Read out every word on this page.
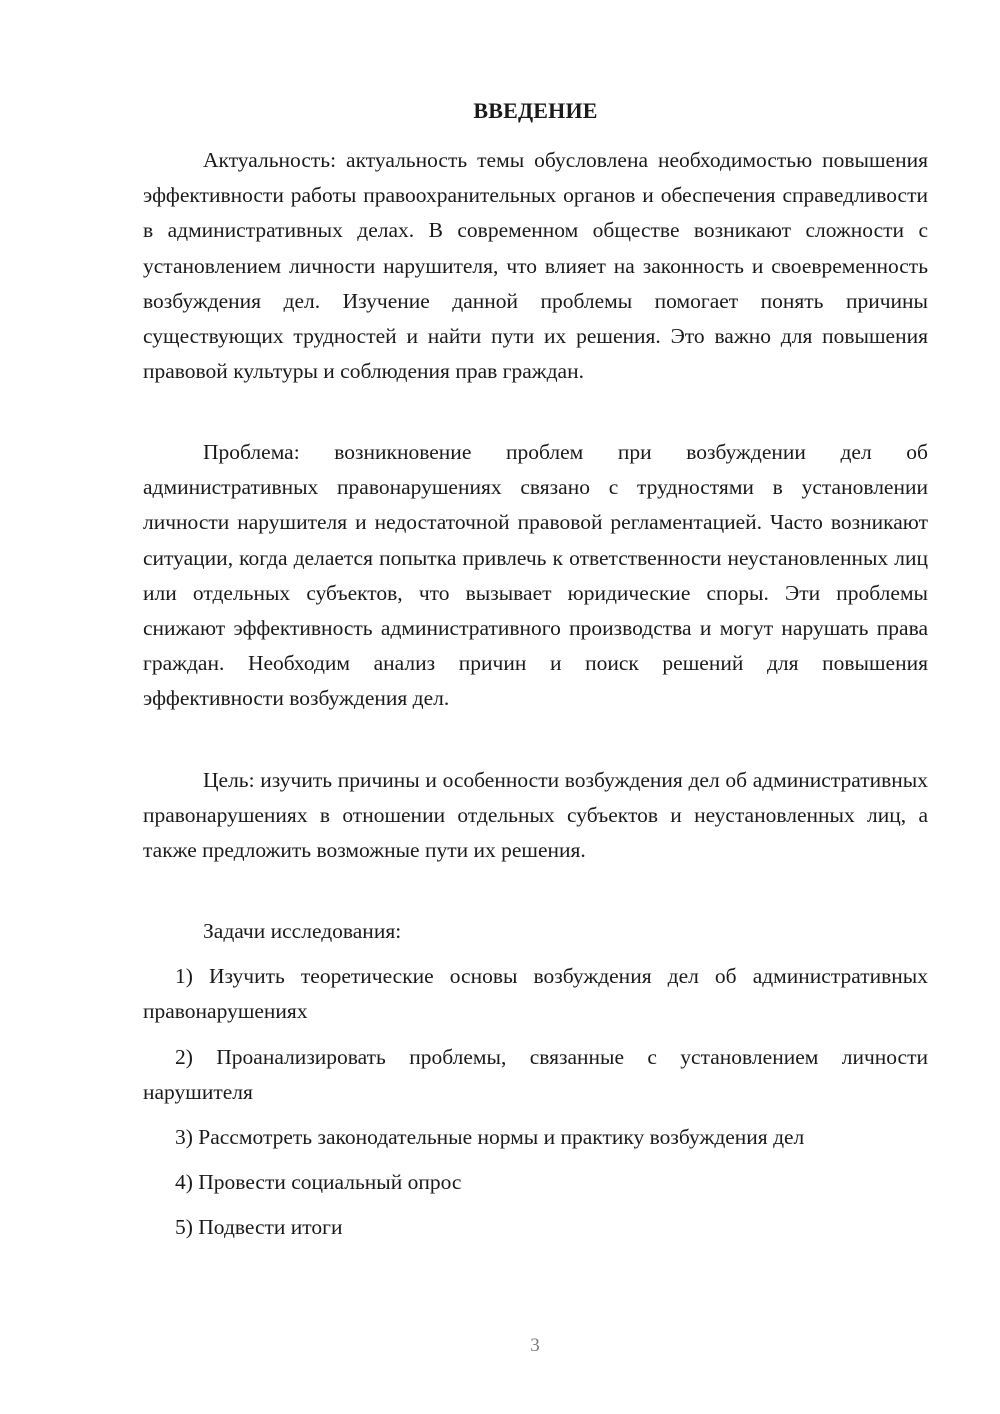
ВВЕДЕНИЕ

Актуальность: актуальность темы обусловлена необходимостью повышения эффективности работы правоохранительных органов и обеспечения справедливости в административных делах. В современном обществе возникают сложности с установлением личности нарушителя, что влияет на законность и своевременность возбуждения дел. Изучение данной проблемы помогает понять причины существующих трудностей и найти пути их решения. Это важно для повышения правовой культуры и соблюдения прав граждан.

Проблема: возникновение проблем при возбуждении дел об административных правонарушениях связано с трудностями в установлении личности нарушителя и недостаточной правовой регламентацией. Часто возникают ситуации, когда делается попытка привлечь к ответственности неустановленных лиц или отдельных субъектов, что вызывает юридические споры. Эти проблемы снижают эффективность административного производства и могут нарушать права граждан. Необходим анализ причин и поиск решений для повышения эффективности возбуждения дел.

Цель: изучить причины и особенности возбуждения дел об административных правонарушениях в отношении отдельных субъектов и неустановленных лиц, а также предложить возможные пути их решения.

Задачи исследования:

1) Изучить теоретические основы возбуждения дел об административных правонарушениях

2) Проанализировать проблемы, связанные с установлением личности нарушителя

3) Рассмотреть законодательные нормы и практику возбуждения дел

4) Провести социальный опрос

5) Подвести итоги

3
